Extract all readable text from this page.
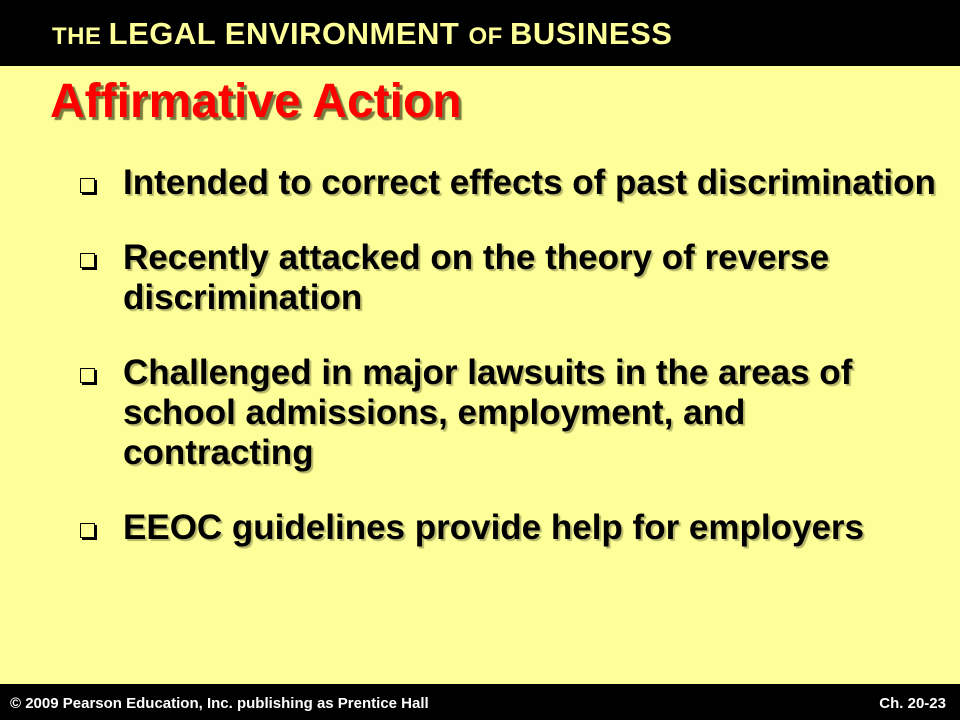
THE LEGAL ENVIRONMENT OF BUSINESS
Affirmative Action
Intended to correct effects of past discrimination
Recently attacked on the theory of reverse discrimination
Challenged in major lawsuits in the areas of school admissions, employment, and contracting
EEOC guidelines provide help for employers
© 2009 Pearson Education, Inc. publishing as Prentice Hall	Ch. 20-23
